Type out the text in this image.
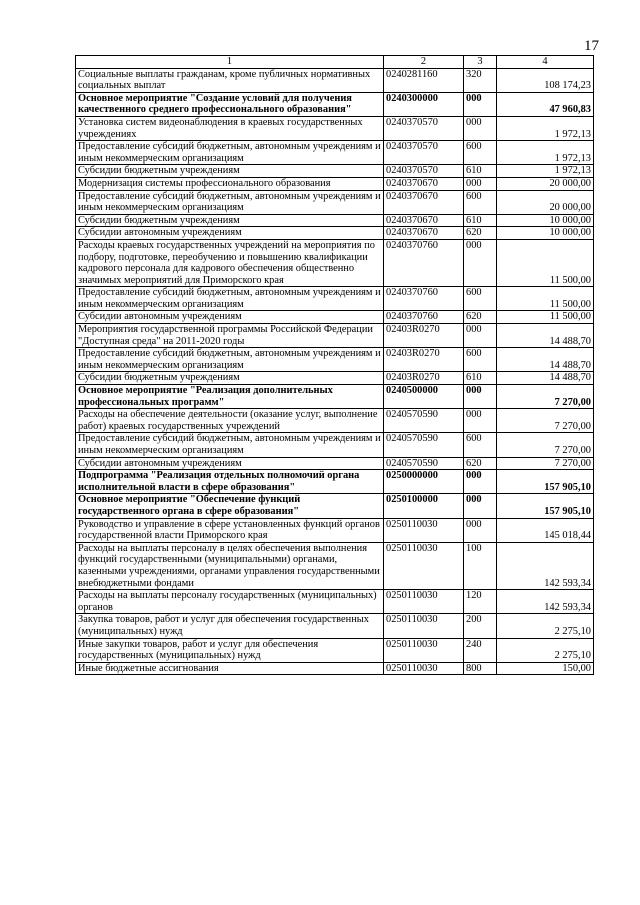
17
1	2	3	4
Социальные выплаты гражданам, кроме публичных нормативных социальных выплат	0240281160	320	108 174,23
Основное мероприятие "Создание условий для получения качественного среднего профессионального образования"	0240300000	000	47 960,83
Установка систем видеонаблюдения в краевых государственных учреждениях	0240370570	000	1 972,13
Предоставление субсидий бюджетным, автономным учреждениям и иным некоммерческим организациям	0240370570	600	1 972,13
Субсидии бюджетным учреждениям	0240370570	610	1 972,13
Модернизация системы профессионального образования	0240370670	000	20 000,00
Предоставление субсидий бюджетным, автономным учреждениям и иным некоммерческим организациям	0240370670	600	20 000,00
Субсидии бюджетным учреждениям	0240370670	610	10 000,00
Субсидии автономным учреждениям	0240370670	620	10 000,00
Расходы краевых государственных учреждений на мероприятия по подбору, подготовке, переобучению и повышению квалификации кадрового персонала для кадрового обеспечения общественно значимых мероприятий для Приморского края	0240370760	000	11 500,00
Предоставление субсидий бюджетным, автономным учреждениям и иным некоммерческим организациям	0240370760	600	11 500,00
Субсидии автономным учреждениям	0240370760	620	11 500,00
Мероприятия государственной программы Российской Федерации "Доступная среда" на 2011-2020 годы	02403R0270	000	14 488,70
Предоставление субсидий бюджетным, автономным учреждениям и иным некоммерческим организациям	02403R0270	600	14 488,70
Субсидии бюджетным учреждениям	02403R0270	610	14 488,70
Основное мероприятие "Реализация дополнительных профессиональных программ"	0240500000	000	7 270,00
Расходы на обеспечение деятельности (оказание услуг, выполнение работ) краевых государственных учреждений	0240570590	000	7 270,00
Предоставление субсидий бюджетным, автономным учреждениям и иным некоммерческим организациям	0240570590	600	7 270,00
Субсидии автономным учреждениям	0240570590	620	7 270,00
Подпрограмма "Реализация отдельных полномочий органа исполнительной власти в сфере образования"	0250000000	000	157 905,10
Основное мероприятие "Обеспечение функций государственного органа в сфере образования"	0250100000	000	157 905,10
Руководство и управление в сфере установленных функций органов государственной власти Приморского края	0250110030	000	145 018,44
Расходы на выплаты персоналу в целях обеспечения выполнения функций государственными (муниципальными) органами, казенными учреждениями, органами управления государственными внебюджетными фондами	0250110030	100	142 593,34
Расходы на выплаты персоналу государственных (муниципальных) органов	0250110030	120	142 593,34
Закупка товаров, работ и услуг для обеспечения государственных (муниципальных) нужд	0250110030	200	2 275,10
Иные закупки товаров, работ и услуг для обеспечения государственных (муниципальных) нужд	0250110030	240	2 275,10
Иные бюджетные ассигнования	0250110030	800	150,00
